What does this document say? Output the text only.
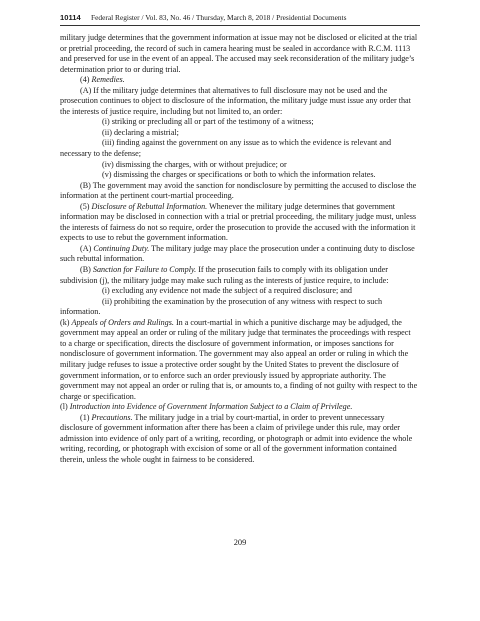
10114 Federal Register / Vol. 83, No. 46 / Thursday, March 8, 2018 / Presidential Documents

military judge determines that the government information at issue may not be disclosed or elicited at the trial or pretrial proceeding, the record of such in camera hearing must be sealed in accordance with R.C.M. 1113 and preserved for use in the event of an appeal. The accused may seek reconsideration of the military judge’s determination prior to or during trial.

(4) Remedies.

(A) If the military judge determines that alternatives to full disclosure may not be used and the prosecution continues to object to disclosure of the information, the military judge must issue any order that the interests of justice require, including but not limited to, an order:

(i) striking or precluding all or part of the testimony of a witness;

(ii) declaring a mistrial;

(iii) finding against the government on any issue as to which the evidence is relevant and necessary to the defense;

(iv) dismissing the charges, with or without prejudice; or

(v) dismissing the charges or specifications or both to which the information relates.

(B) The government may avoid the sanction for nondisclosure by permitting the accused to disclose the information at the pertinent court-martial proceeding.

(5) Disclosure of Rebuttal Information. Whenever the military judge determines that government information may be disclosed in connection with a trial or pretrial proceeding, the military judge must, unless the interests of fairness do not so require, order the prosecution to provide the accused with the information it expects to use to rebut the government information.

(A) Continuing Duty. The military judge may place the prosecution under a continuing duty to disclose such rebuttal information.

(B) Sanction for Failure to Comply. If the prosecution fails to comply with its obligation under subdivision (j), the military judge may make such ruling as the interests of justice require, to include:

(i) excluding any evidence not made the subject of a required disclosure; and

(ii) prohibiting the examination by the prosecution of any witness with respect to such information.

(k) Appeals of Orders and Rulings. In a court-martial in which a punitive discharge may be adjudged, the government may appeal an order or ruling of the military judge that terminates the proceedings with respect to a charge or specification, directs the disclosure of government information, or imposes sanctions for nondisclosure of government information. The government may also appeal an order or ruling in which the military judge refuses to issue a protective order sought by the United States to prevent the disclosure of government information, or to enforce such an order previously issued by appropriate authority. The government may not appeal an order or ruling that is, or amounts to, a finding of not guilty with respect to the charge or specification.

(l) Introduction into Evidence of Government Information Subject to a Claim of Privilege.

(1) Precautions. The military judge in a trial by court-martial, in order to prevent unnecessary disclosure of government information after there has been a claim of privilege under this rule, may order admission into evidence of only part of a writing, recording, or photograph or admit into evidence the whole writing, recording, or photograph with excision of some or all of the government information contained therein, unless the whole ought in fairness to be considered.

209
